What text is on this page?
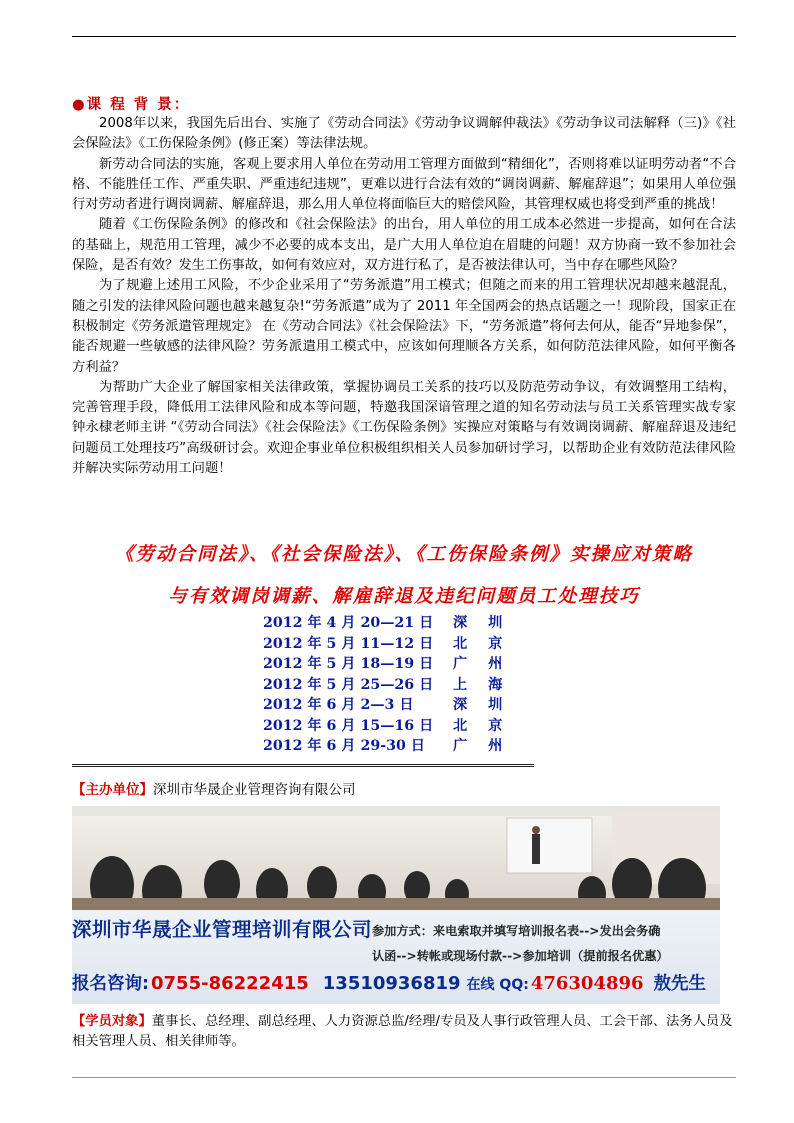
●课 程 背 景：

2008年以来，我国先后出台、实施了《劳动合同法》《劳动争议调解仲裁法》《劳动争议司法解释（三)》《社会保险法》《工伤保险条例》(修正案）等法律法规。

新劳动合同法的实施，客观上要求用人单位在劳动用工管理方面做到“精细化”，否则将难以证明劳动者“不合格、不能胜任工作、严重失职、严重违纪违规”，更难以进行合法有效的“调岗调薪、解雇辞退”；如果用人单位强行对劳动者进行调岗调薪、解雇辞退，那么用人单位将面临巨大的赔偿风险，其管理权威也将受到严重的挑战！

随着《工伤保险条例》的修改和《社会保险法》的出台，用人单位的用工成本必然进一步提高，如何在合法的基础上，规范用工管理，减少不必要的成本支出，是广大用人单位迫在眉睫的问题！双方协商一致不参加社会保险，是否有效？发生工伤事故，如何有效应对，双方进行私了，是否被法律认可，当中存在哪些风险？

为了规避上述用工风险，不少企业采用了“劳务派遣”用工模式；但随之而来的用工管理状况却越来越混乱，随之引发的法律风险问题也越来越复杂!“劳务派遣”成为了 2011 年全国两会的热点话题之一！现阶段，国家正在积极制定《劳务派遣管理规定》 在《劳动合同法》《社会保险法》下，“劳务派遣”将何去何从，能否“异地参保”，能否规避一些敏感的法律风险？劳务派遣用工模式中，应该如何理顺各方关系，如何防范法律风险，如何平衡各方利益？

为帮助广大企业了解国家相关法律政策，掌握协调员工关系的技巧以及防范劳动争议，有效调整用工结构，完善管理手段，降低用工法律风险和成本等问题，特邀我国深谙管理之道的知名劳动法与员工关系管理实战专家钟永棣老师主讲 “《劳动合同法》《社会保险法》《工伤保险条例》实操应对策略与有效调岗调薪、解雇辞退及违纪问题员工处理技巧”高级研讨会。欢迎企事业单位积极组织相关人员参加研讨学习，以帮助企业有效防范法律风险并解决实际劳动用工问题！

《劳动合同法》、《社会保险法》、《工伤保险条例》实操应对策略
与有效调岗调薪、解雇辞退及违纪问题员工处理技巧
2012 年 4 月 20—21 日 深 圳
2012 年 5 月 11—12 日 北 京
2012 年 5 月 18—19 日 广 州
2012 年 5 月 25—26 日 上 海
2012 年 6 月 2—3 日	深 圳
2012 年 6 月 15—16 日 北 京
2012 年 6 月 29-30 日 广 州
【主办单位】深圳市华晟企业管理咨询有限公司
深圳市华晟企业管理培训有限公司 参加方式：来电索取并填写培训报名表-->发出会务确
认函-->转帐或现场付款-->参加培训（提前报名优惠）
报名咨询: 0755-86222415 13510936819 在线 QQ: 476304896 敖先生
【学员对象】董事长、总经理、副总经理、人力资源总监/经理/专员及人事行政管理人员、工会干部、法务人员及相关管理人员、相关律师等。
